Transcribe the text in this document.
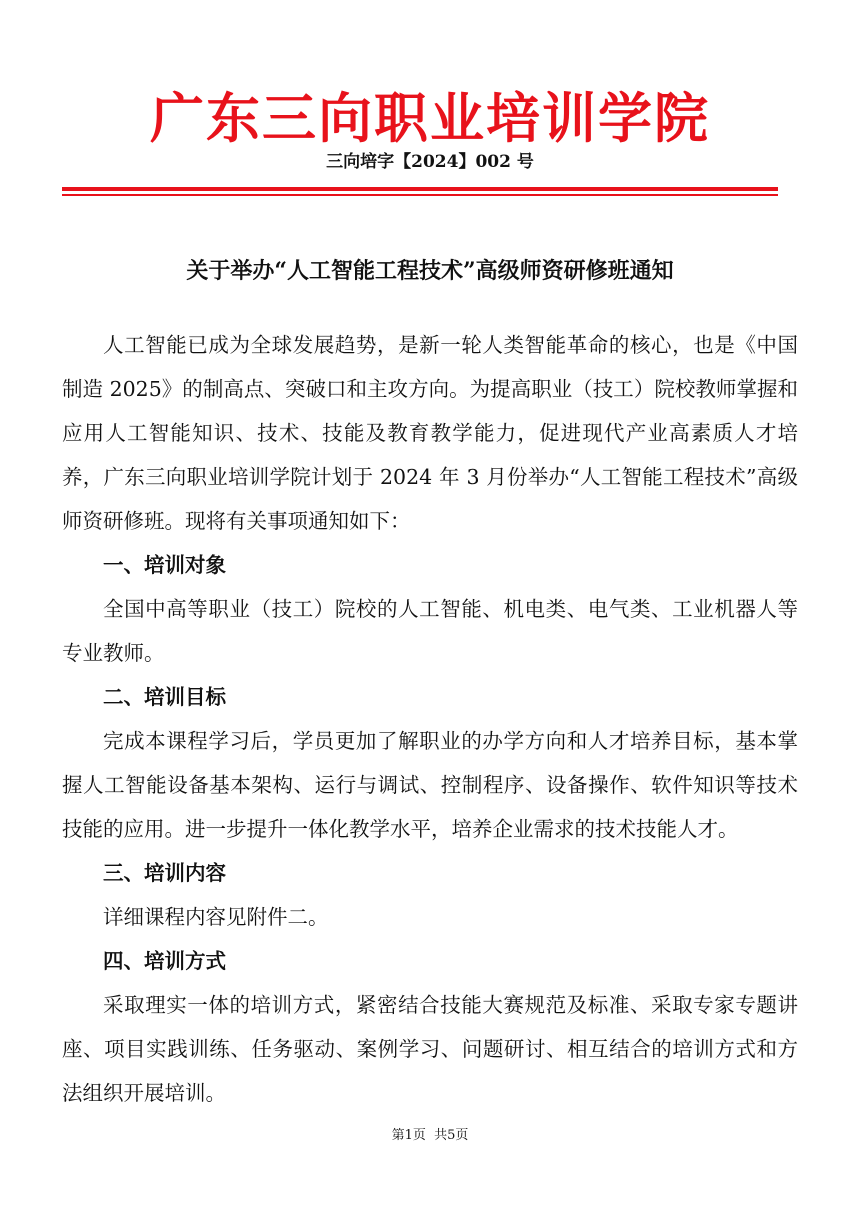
广东三向职业培训学院
三向培字【2024】002 号
关于举办“人工智能工程技术”高级师资研修班通知

人工智能已成为全球发展趋势，是新一轮人类智能革命的核心，也是《中国制造 2025》的制高点、突破口和主攻方向。为提高职业（技工）院校教师掌握和应用人工智能知识、技术、技能及教育教学能力，促进现代产业高素质人才培养，广东三向职业培训学院计划于 2024 年 3 月份举办“人工智能工程技术”高级师资研修班。现将有关事项通知如下：

一、培训对象

全国中高等职业（技工）院校的人工智能、机电类、电气类、工业机器人等专业教师。

二、培训目标

完成本课程学习后，学员更加了解职业的办学方向和人才培养目标，基本掌握人工智能设备基本架构、运行与调试、控制程序、设备操作、软件知识等技术技能的应用。进一步提升一体化教学水平，培养企业需求的技术技能人才。

三、培训内容

详细课程内容见附件二。

四、培训方式

采取理实一体的培训方式，紧密结合技能大赛规范及标准、采取专家专题讲座、项目实践训练、任务驱动、案例学习、问题研讨、相互结合的培训方式和方法组织开展培训。

第1页  共5页
